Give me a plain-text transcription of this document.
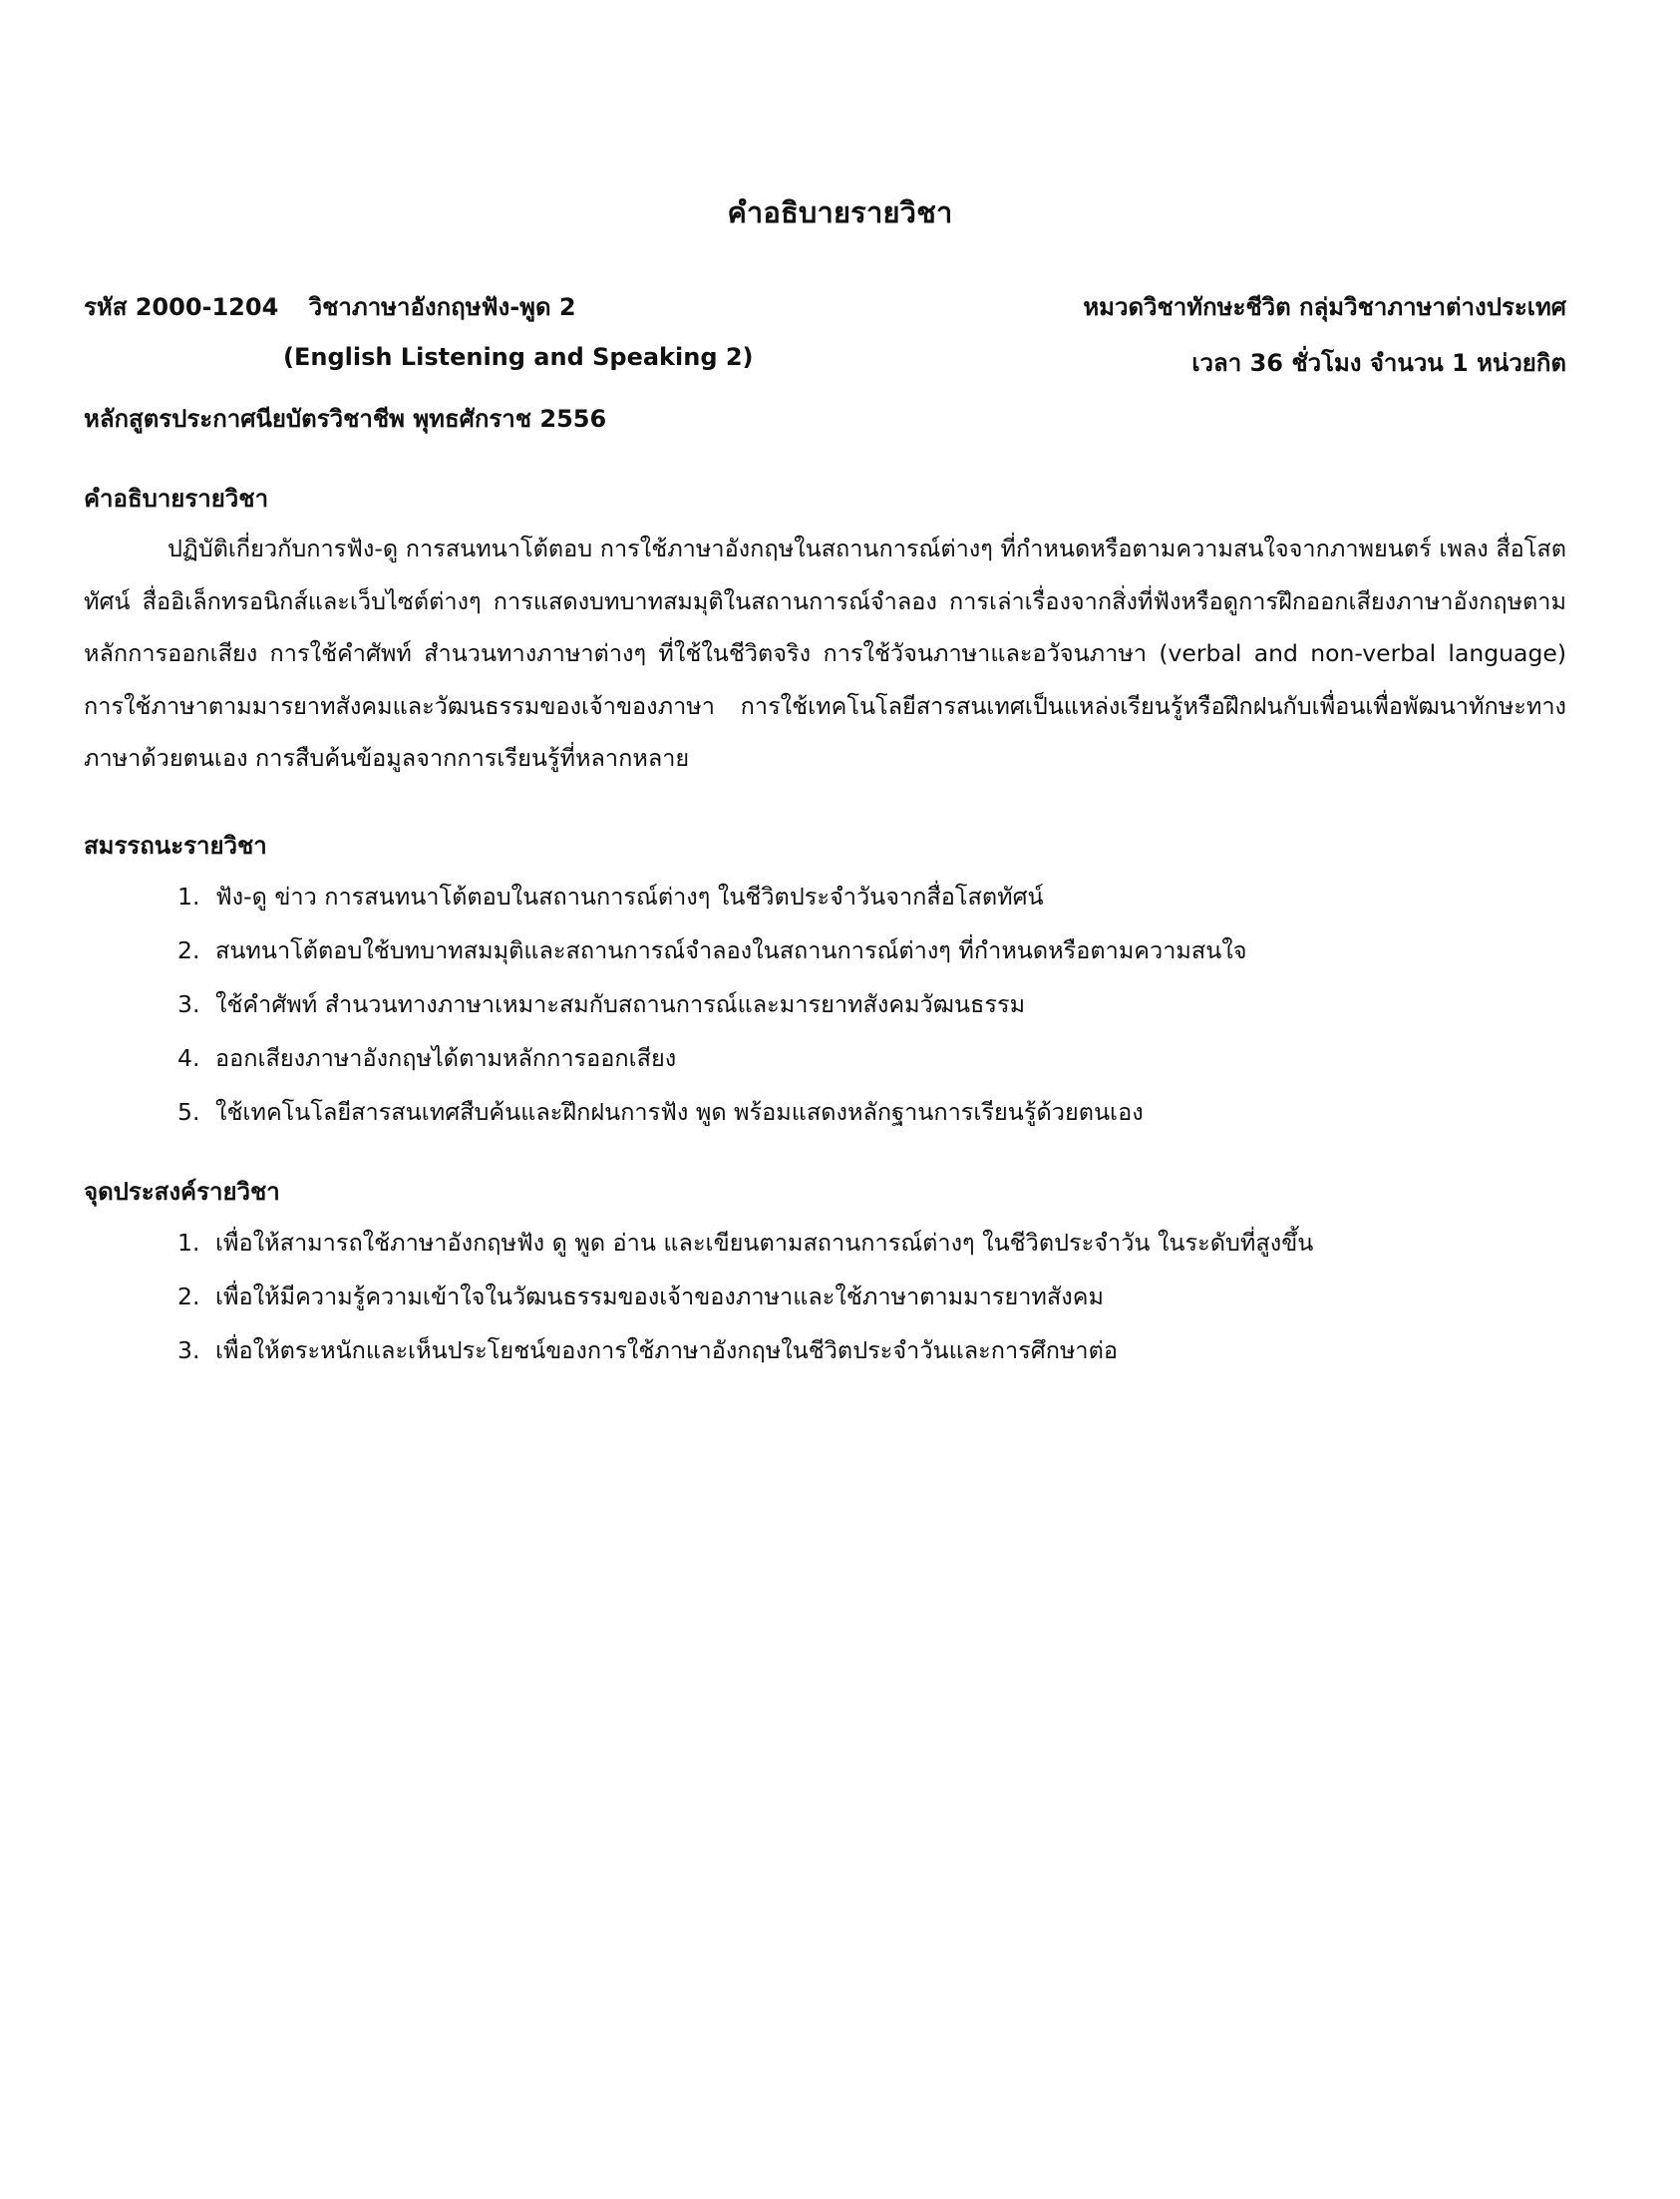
คำอธิบายรายวิชา
รหัส 2000-1204 วิชาภาษาอังกฤษฟัง-พูด 2	หมวดวิชาทักษะชีวิต กลุ่มวิชาภาษาต่างประเทศ
(English Listening and Speaking 2)	เวลา 36 ชั่วโมง จำนวน 1 หน่วยกิต
หลักสูตรประกาศนียบัตรวิชาชีพ พุทธศักราช 2556
คำอธิบายรายวิชา
ปฏิบัติเกี่ยวกับการฟัง-ดู การสนทนาโต้ตอบ การใช้ภาษาอังกฤษในสถานการณ์ต่างๆ ที่กำหนดหรือตามความสนใจจากภาพยนตร์ เพลง สื่อโสตทัศน์ สื่ออิเล็กทรอนิกส์และเว็บไซต์ต่างๆ การแสดงบทบาทสมมุติในสถานการณ์จำลอง การเล่าเรื่องจากสิ่งที่ฟังหรือดูการฝึกออกเสียงภาษาอังกฤษตามหลักการออกเสียง การใช้คำศัพท์ สำนวนทางภาษาต่างๆ ที่ใช้ในชีวิตจริง การใช้วัจนภาษาและอวัจนภาษา (verbal and non-verbal language) การใช้ภาษาตามมารยาทสังคมและวัฒนธรรมของเจ้าของภาษา การใช้เทคโนโลยีสารสนเทศเป็นแหล่งเรียนรู้หรือฝึกฝนกับเพื่อนเพื่อพัฒนาทักษะทางภาษาด้วยตนเอง การสืบค้นข้อมูลจากการเรียนรู้ที่หลากหลาย
สมรรถนะรายวิชา
1. ฟัง-ดู ข่าว การสนทนาโต้ตอบในสถานการณ์ต่างๆ ในชีวิตประจำวันจากสื่อโสตทัศน์
2. สนทนาโต้ตอบใช้บทบาทสมมุติและสถานการณ์จำลองในสถานการณ์ต่างๆ ที่กำหนดหรือตามความสนใจ
3. ใช้คำศัพท์ สำนวนทางภาษาเหมาะสมกับสถานการณ์และมารยาทสังคมวัฒนธรรม
4. ออกเสียงภาษาอังกฤษได้ตามหลักการออกเสียง
5. ใช้เทคโนโลยีสารสนเทศสืบค้นและฝึกฝนการฟัง พูด พร้อมแสดงหลักฐานการเรียนรู้ด้วยตนเอง
จุดประสงค์รายวิชา
1. เพื่อให้สามารถใช้ภาษาอังกฤษฟัง ดู พูด อ่าน และเขียนตามสถานการณ์ต่างๆ ในชีวิตประจำวัน ในระดับที่สูงขึ้น
2. เพื่อให้มีความรู้ความเข้าใจในวัฒนธรรมของเจ้าของภาษาและใช้ภาษาตามมารยาทสังคม
3. เพื่อให้ตระหนักและเห็นประโยชน์ของการใช้ภาษาอังกฤษในชีวิตประจำวันและการศึกษาต่อ
